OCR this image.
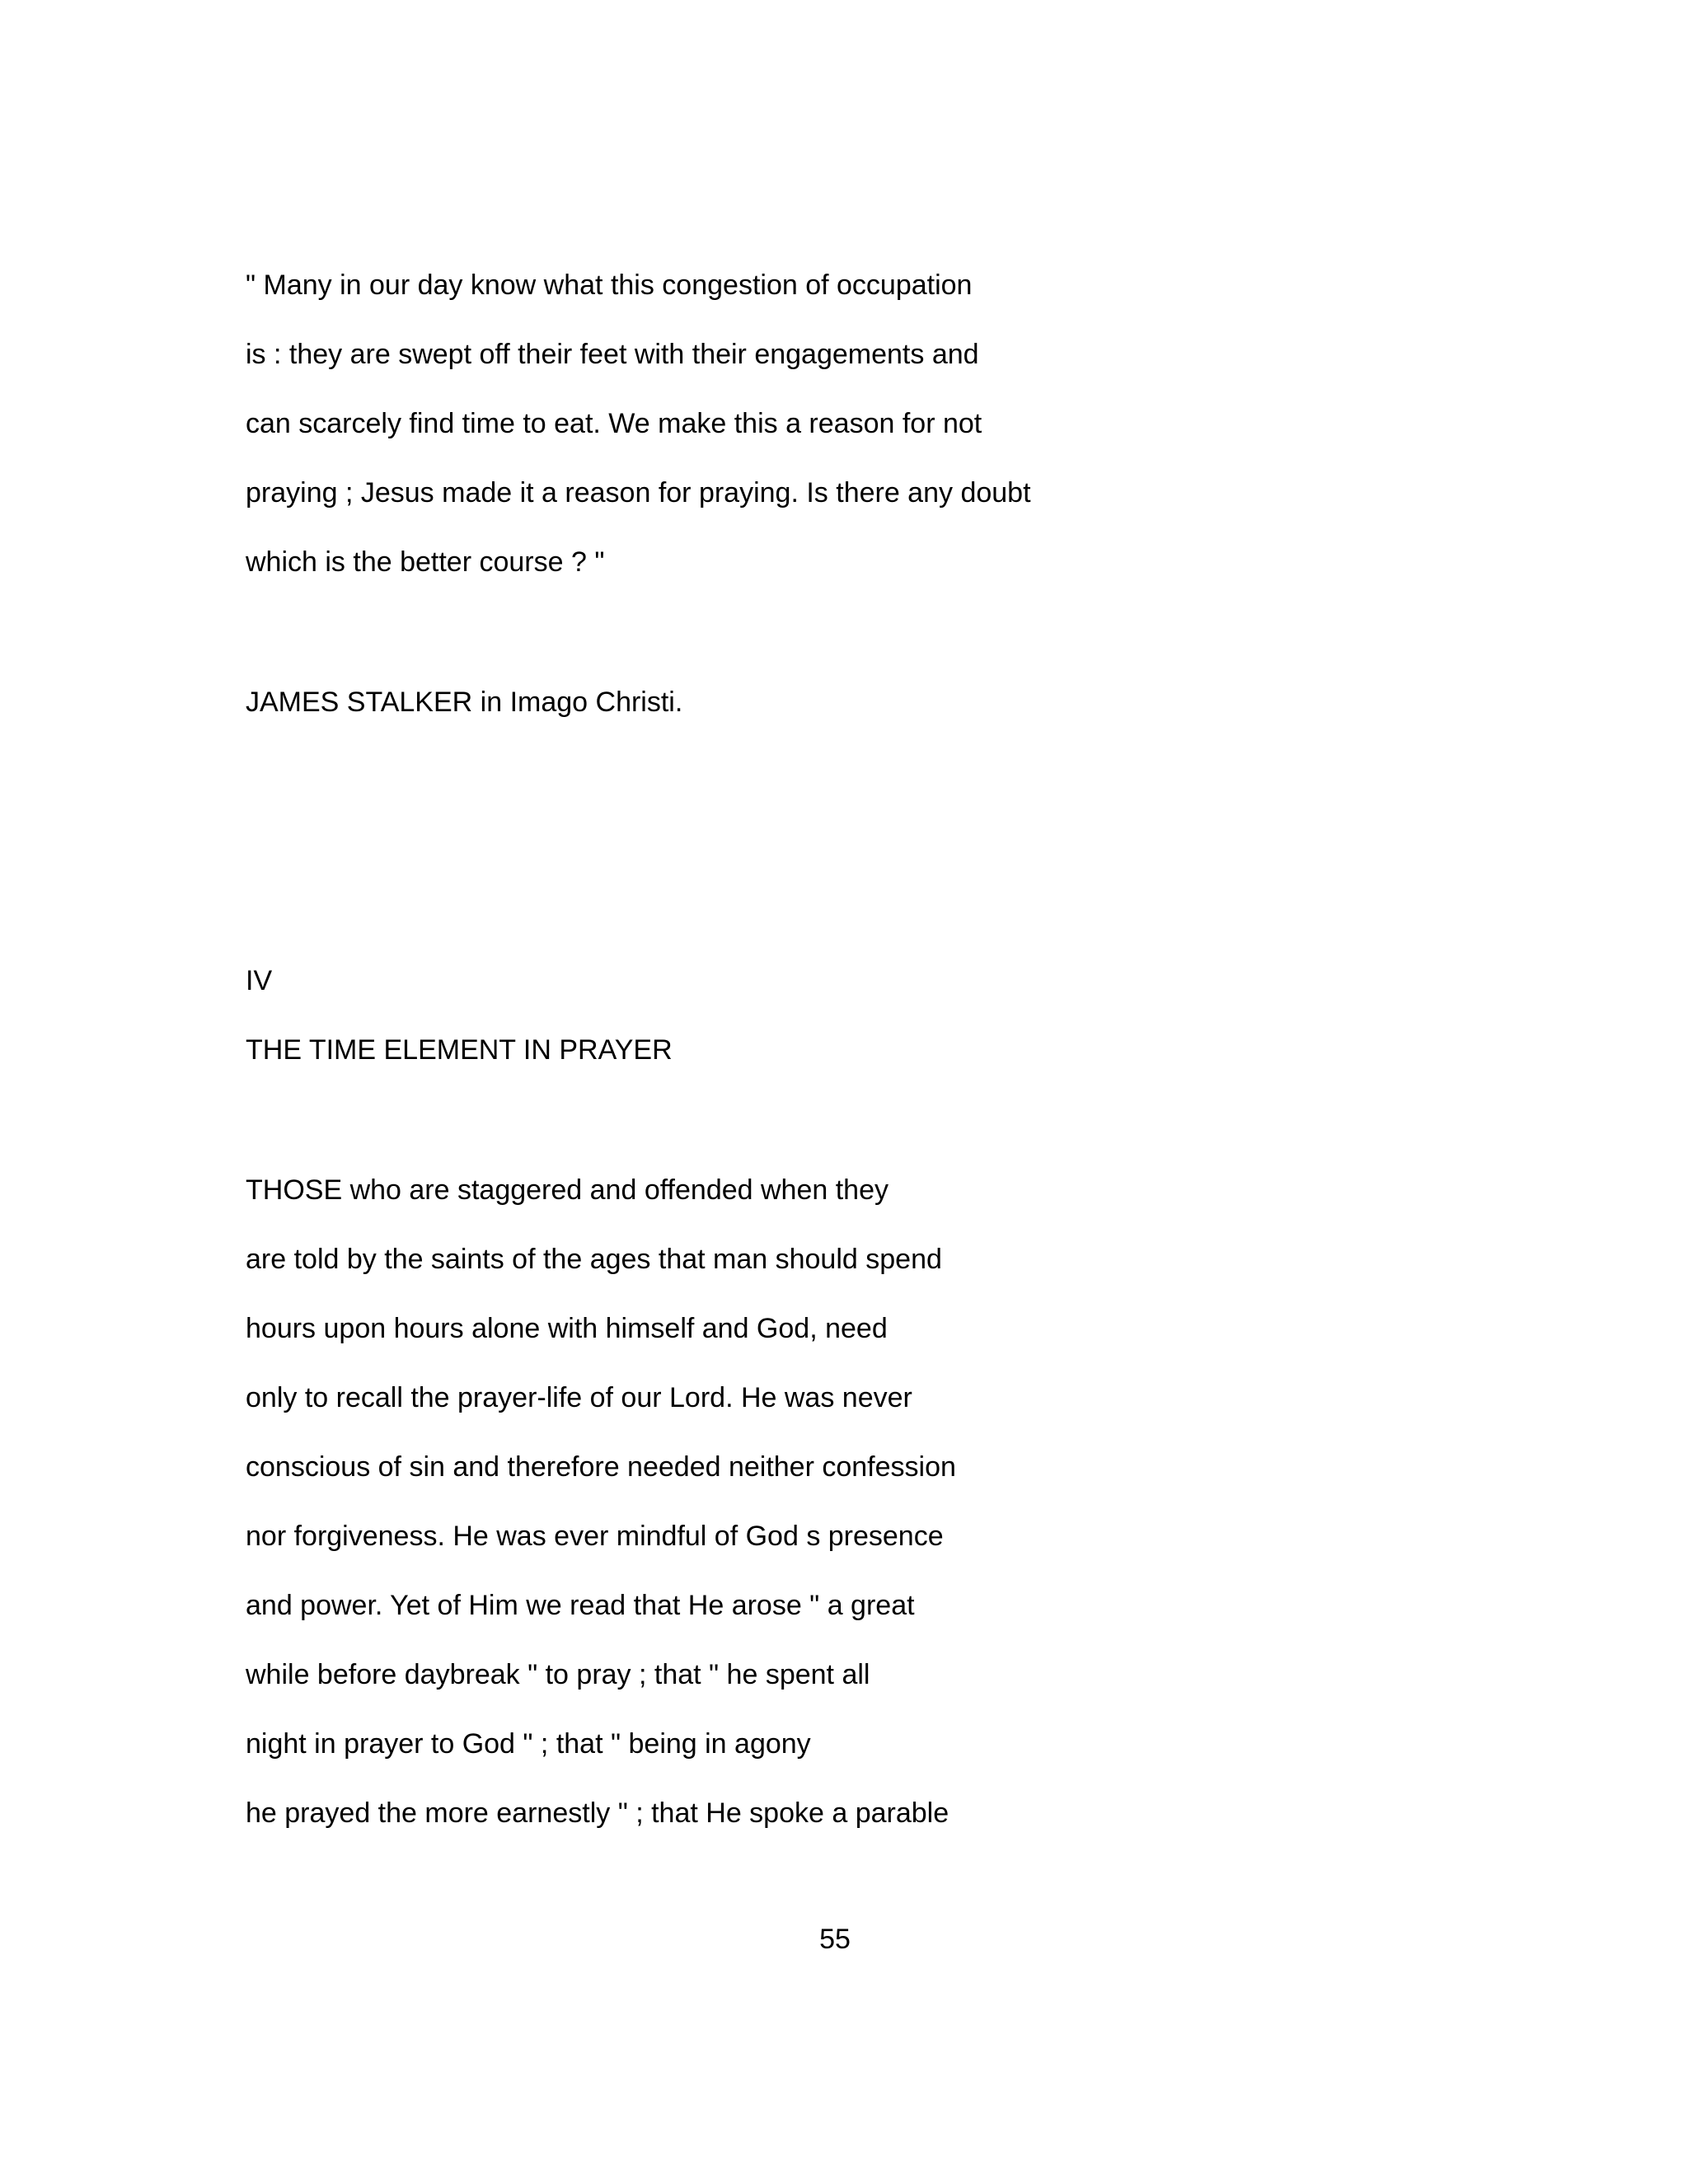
" Many in our day know what this congestion of occupation
is : they are swept off their feet with their engagements and
can scarcely find time to eat. We make this a reason for not
praying ; Jesus made it a reason for praying. Is there any doubt
which is the better course ? "
JAMES STALKER in Imago Christi.
IV
THE TIME ELEMENT IN PRAYER
THOSE who are staggered and offended when they
are told by the saints of the ages that man should spend
hours upon hours alone with himself and God, need
only to recall the prayer-life of our Lord. He was never
conscious of sin and therefore needed neither confession
nor forgiveness. He was ever mindful of God s presence
and power. Yet of Him we read that He arose " a great
while before daybreak " to pray ; that " he spent all
night in prayer to God " ; that " being in agony
he prayed the more earnestly " ; that He spoke a parable
55
